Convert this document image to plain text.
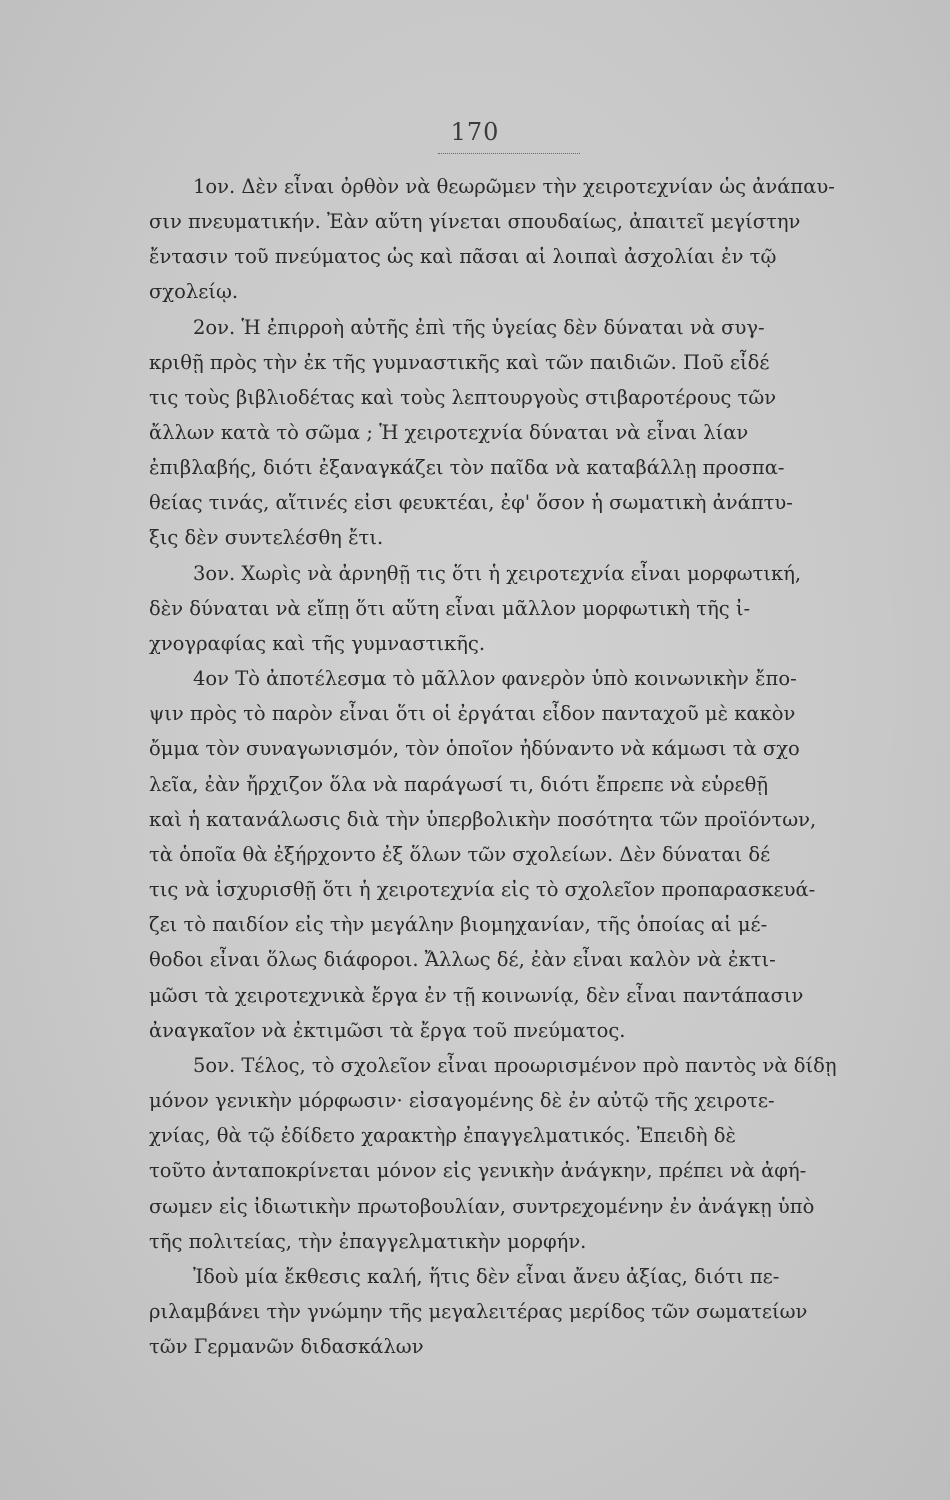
170
1ον. Δὲν εἶναι ὀρθὸν νὰ θεωρῶμεν τὴν χειροτεχνίαν ὡς ἀνάπαυ-
σιν πνευματικήν. Ἐὰν αὕτη γίνεται σπουδαίως, ἀπαιτεῖ μεγίστην
ἔντασιν τοῦ πνεύματος ὡς καὶ πᾶσαι αἱ λοιπαὶ ἀσχολίαι ἐν τῷ
σχολείῳ.
2ον. Ἡ ἐπιρροὴ αὐτῆς ἐπὶ τῆς ὑγείας δὲν δύναται νὰ συγ-
κριθῇ πρὸς τὴν ἐκ τῆς γυμναστικῆς καὶ τῶν παιδιῶν. Ποῦ εἶδέ
τις τοὺς βιβλιοδέτας καὶ τοὺς λεπτουργοὺς στιβαροτέρους τῶν
ἄλλων κατὰ τὸ σῶμα ; Ἡ χειροτεχνία δύναται νὰ εἶναι λίαν
ἐπιβλαβής, διότι ἐξαναγκάζει τὸν παῖδα νὰ καταβάλλῃ προσπα-
θείας τινάς, αἵτινές εἰσι φευκτέαι, ἐφ' ὅσον ἡ σωματικὴ ἀνάπτυ-
ξις δὲν συντελέσθη ἔτι.
3ον. Χωρὶς νὰ ἀρνηθῇ τις ὅτι ἡ χειροτεχνία εἶναι μορφωτική,
δὲν δύναται νὰ εἴπῃ ὅτι αὕτη εἶναι μᾶλλον μορφωτικὴ τῆς ἰ-
χνογραφίας καὶ τῆς γυμναστικῆς.
4ον Τὸ ἀποτέλεσμα τὸ μᾶλλον φανερὸν ὑπὸ κοινωνικὴν ἔπο-
ψιν πρὸς τὸ παρὸν εἶναι ὅτι οἱ ἐργάται εἶδον πανταχοῦ μὲ κακὸν
ὄμμα τὸν συναγωνισμόν, τὸν ὁποῖον ἠδύναντο νὰ κάμωσι τὰ σχο
λεῖα, ἐὰν ἤρχιζον ὅλα νὰ παράγωσί τι, διότι ἔπρεπε νὰ εὑρεθῇ
καὶ ἡ κατανάλωσις διὰ τὴν ὑπερβολικὴν ποσότητα τῶν προϊόντων,
τὰ ὁποῖα θὰ ἐξήρχοντο ἐξ ὅλων τῶν σχολείων. Δὲν δύναται δέ
τις νὰ ἰσχυρισθῇ ὅτι ἡ χειροτεχνία εἰς τὸ σχολεῖον προπαρασκευά-
ζει τὸ παιδίον εἰς τὴν μεγάλην βιομηχανίαν, τῆς ὁποίας αἱ μέ-
θοδοι εἶναι ὅλως διάφοροι. Ἄλλως δέ, ἐὰν εἶναι καλὸν νὰ ἐκτι-
μῶσι τὰ χειροτεχνικὰ ἔργα ἐν τῇ κοινωνίᾳ, δὲν εἶναι παντάπασιν
ἀναγκαῖον νὰ ἐκτιμῶσι τὰ ἔργα τοῦ πνεύματος.
5ον. Τέλος, τὸ σχολεῖον εἶναι προωρισμένον πρὸ παντὸς νὰ δίδῃ
μόνον γενικὴν μόρφωσιν· εἰσαγομένης δὲ ἐν αὐτῷ τῆς χειροτε-
χνίας, θὰ τῷ ἐδίδετο χαρακτὴρ ἐπαγγελματικός. Ἐπειδὴ δὲ
τοῦτο ἀνταποκρίνεται μόνον εἰς γενικὴν ἀνάγκην, πρέπει νὰ ἀφή-
σωμεν εἰς ἰδιωτικὴν πρωτοβουλίαν, συντρεχομένην ἐν ἀνάγκῃ ὑπὸ
τῆς πολιτείας, τὴν ἐπαγγελματικὴν μορφήν.
Ἰδοὺ μία ἔκθεσις καλή, ἥτις δὲν εἶναι ἄνευ ἀξίας, διότι πε-
ριλαμβάνει τὴν γνώμην τῆς μεγαλειτέρας μερίδος τῶν σωματείων
τῶν Γερμανῶν διδασκάλων
